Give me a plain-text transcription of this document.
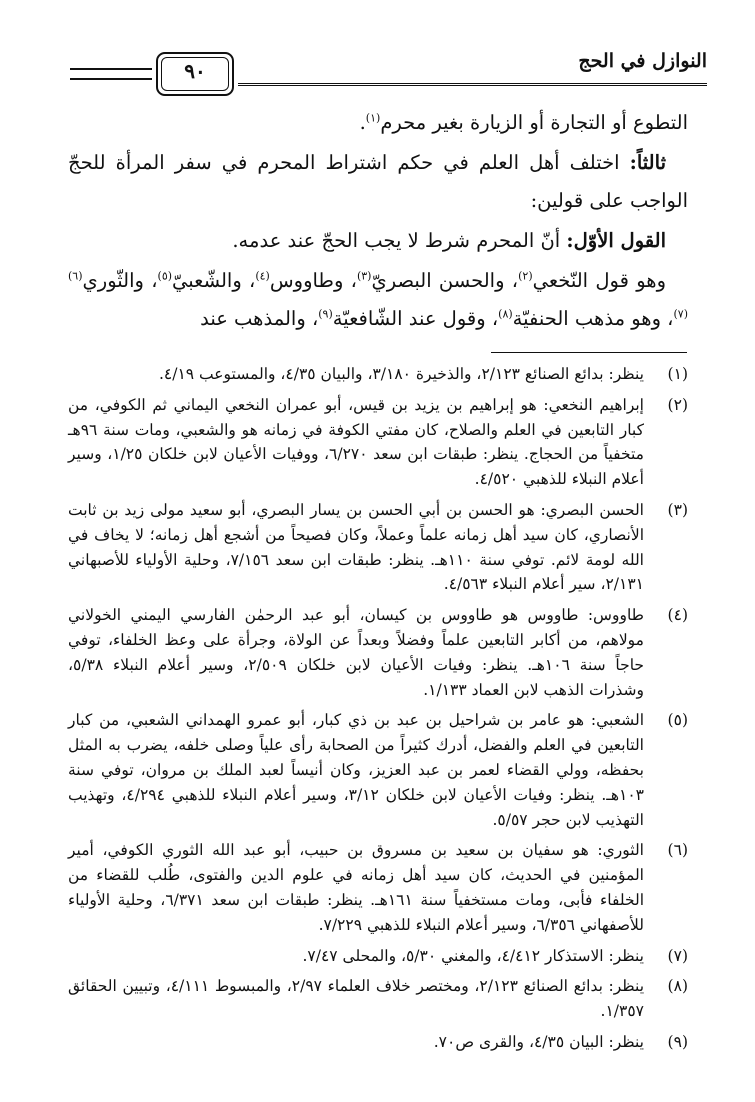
النوازل في الحج
٩٠

التطوع أو التجارة أو الزيارة بغير محرم$^{(١)}$.

ثالثاً: اختلف أهل العلم في حكم اشتراط المحرم في سفر المرأة للحجّ الواجب على قولين:

القول الأوّل: أنّ المحرم شرط لا يجب الحجّ عند عدمه.

وهو قول النّخعي$^{(٢)}$، والحسن البصريّ$^{(٣)}$، وطاووس$^{(٤)}$، والشّعبيّ$^{(٥)}$، والثّوري$^{(٦)(٧)}$، وهو مذهب الحنفيّة$^{(٨)}$، وقول عند الشّافعيّة$^{(٩)}$، والمذهب عند

(١)
ينظر: بدائع الصنائع ٢/١٢٣، والذخيرة ٣/١٨٠، والبيان ٤/٣٥، والمستوعب ٤/١٩.
(٢)
إبراهيم النخعي: هو إبراهيم بن يزيد بن قيس، أبو عمران النخعي اليماني ثم الكوفي، من كبار التابعين في العلم والصلاح، كان مفتي الكوفة في زمانه هو والشعبي، ومات سنة ٩٦هـ متخفياً من الحجاج. ينظر: طبقات ابن سعد ٦/٢٧٠، ووفيات الأعيان لابن خلكان ١/٢٥، وسير أعلام النبلاء للذهبي ٤/٥٢٠.
(٣)
الحسن البصري: هو الحسن بن أبي الحسن بن يسار البصري، أبو سعيد مولى زيد بن ثابت الأنصاري، كان سيد أهل زمانه علماً وعملاً، وكان فصيحاً من أشجع أهل زمانه؛ لا يخاف في الله لومة لائم. توفي سنة ١١٠هـ. ينظر: طبقات ابن سعد ٧/١٥٦، وحلية الأولياء للأصبهاني ٢/١٣١، سير أعلام النبلاء ٤/٥٦٣.
(٤)
طاووس: طاووس هو طاووس بن كيسان، أبو عبد الرحمٰن الفارسي اليمني الخولاني مولاهم، من أكابر التابعين علماً وفضلاً وبعداً عن الولاة، وجرأة على وعظ الخلفاء، توفي حاجاً سنة ١٠٦هـ. ينظر: وفيات الأعيان لابن خلكان ٢/٥٠٩، وسير أعلام النبلاء ٥/٣٨، وشذرات الذهب لابن العماد ١/١٣٣.
(٥)
الشعبي: هو عامر بن شراحيل بن عبد بن ذي كبار، أبو عمرو الهمداني الشعبي، من كبار التابعين في العلم والفضل، أدرك كثيراً من الصحابة رأى علياً وصلى خلفه، يضرب به المثل بحفظه، وولي القضاء لعمر بن عبد العزيز، وكان أنيساً لعبد الملك بن مروان، توفي سنة ١٠٣هـ. ينظر: وفيات الأعيان لابن خلكان ٣/١٢، وسير أعلام النبلاء للذهبي ٤/٢٩٤، وتهذيب التهذيب لابن حجر ٥/٥٧.
(٦)
الثوري: هو سفيان بن سعيد بن مسروق بن حبيب، أبو عبد الله الثوري الكوفي، أمير المؤمنين في الحديث، كان سيد أهل زمانه في علوم الدين والفتوى، طُلب للقضاء من الخلفاء فأبى، ومات مستخفياً سنة ١٦١هـ. ينظر: طبقات ابن سعد ٦/٣٧١، وحلية الأولياء للأصفهاني ٦/٣٥٦، وسير أعلام النبلاء للذهبي ٧/٢٢٩.
(٧)
ينظر: الاستذكار ٤/٤١٢، والمغني ٥/٣٠، والمحلى ٧/٤٧.
(٨)
ينظر: بدائع الصنائع ٢/١٢٣، ومختصر خلاف العلماء ٢/٩٧، والمبسوط ٤/١١١، وتبيين الحقائق ١/٣٥٧.
(٩)
ينظر: البيان ٤/٣٥، والقرى ص٧٠.
